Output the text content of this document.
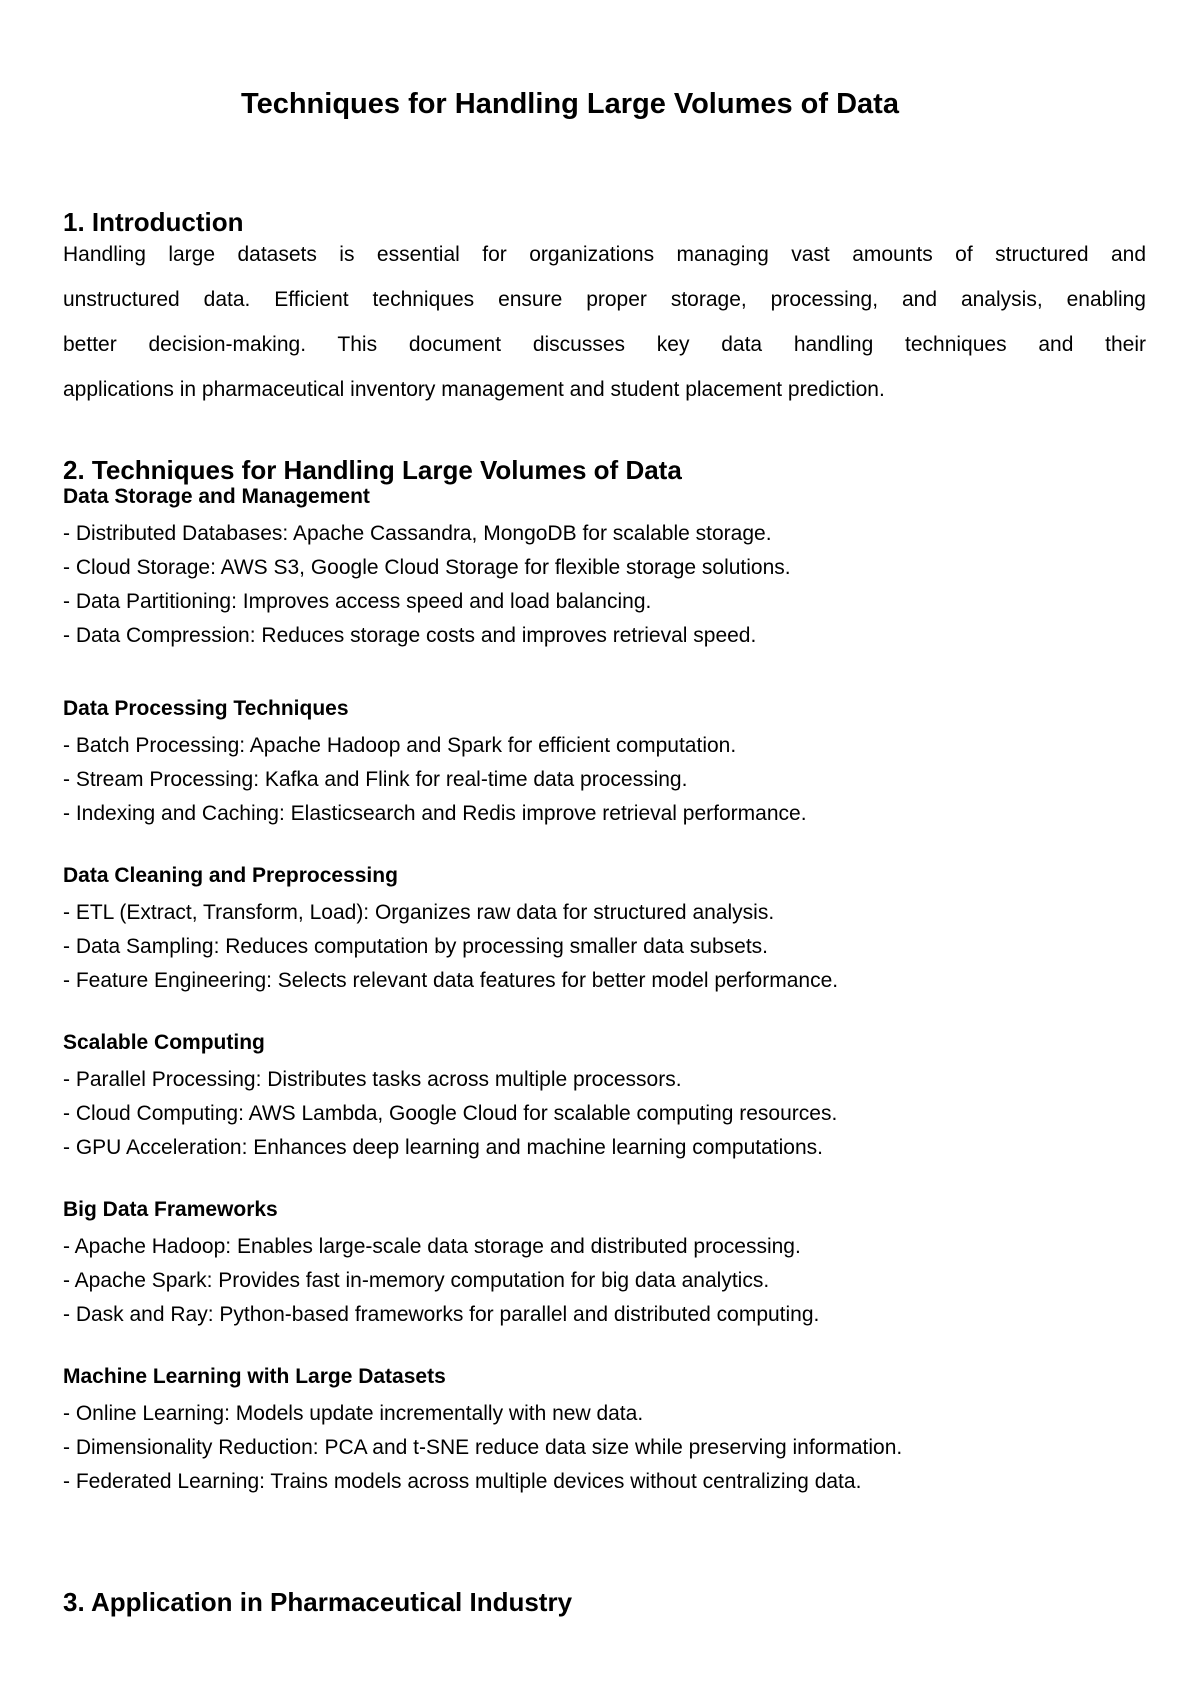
Techniques for Handling Large Volumes of Data
1. Introduction
Handling large datasets is essential for organizations managing vast amounts of structured and
unstructured data. Efficient techniques ensure proper storage, processing, and analysis, enabling
better decision-making. This document discusses key data handling techniques and their
applications in pharmaceutical inventory management and student placement prediction.
2. Techniques for Handling Large Volumes of Data
Data Storage and Management

- Distributed Databases: Apache Cassandra, MongoDB for scalable storage.

- Cloud Storage: AWS S3, Google Cloud Storage for flexible storage solutions.

- Data Partitioning: Improves access speed and load balancing.

- Data Compression: Reduces storage costs and improves retrieval speed.

Data Processing Techniques

- Batch Processing: Apache Hadoop and Spark for efficient computation.

- Stream Processing: Kafka and Flink for real-time data processing.

- Indexing and Caching: Elasticsearch and Redis improve retrieval performance.

Data Cleaning and Preprocessing

- ETL (Extract, Transform, Load): Organizes raw data for structured analysis.

- Data Sampling: Reduces computation by processing smaller data subsets.

- Feature Engineering: Selects relevant data features for better model performance.

Scalable Computing

- Parallel Processing: Distributes tasks across multiple processors.

- Cloud Computing: AWS Lambda, Google Cloud for scalable computing resources.

- GPU Acceleration: Enhances deep learning and machine learning computations.

Big Data Frameworks

- Apache Hadoop: Enables large-scale data storage and distributed processing.

- Apache Spark: Provides fast in-memory computation for big data analytics.

- Dask and Ray: Python-based frameworks for parallel and distributed computing.

Machine Learning with Large Datasets

- Online Learning: Models update incrementally with new data.

- Dimensionality Reduction: PCA and t-SNE reduce data size while preserving information.

- Federated Learning: Trains models across multiple devices without centralizing data.

3. Application in Pharmaceutical Industry
